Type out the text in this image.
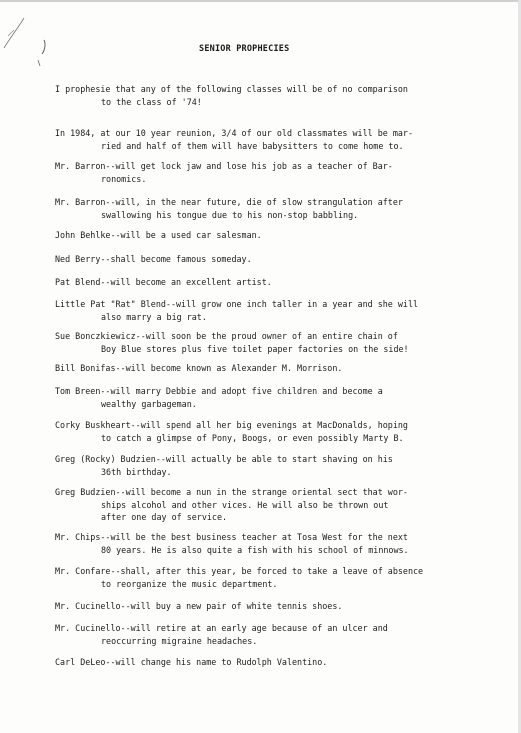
SENIOR PROPHECIES
I prophesie that any of the following classes will be of no comparison
to the class of '74!
In 1984, at our 10 year reunion, 3/4 of our old classmates will be mar-
ried and half of them will have babysitters to come home to.
Mr. Barron--will get lock jaw and lose his job as a teacher of Bar-
ronomics.
Mr. Barron--will, in the near future, die of slow strangulation after
swallowing his tongue due to his non-stop babbling.
John Behlke--will be a used car salesman.
Ned Berry--shall become famous someday.
Pat Blend--will become an excellent artist.
Little Pat "Rat" Blend--will grow one inch taller in a year and she will
also marry a big rat.
Sue Bonczkiewicz--will soon be the proud owner of an entire chain of
Boy Blue stores plus five toilet paper factories on the side!
Bill Bonifas--will become known as Alexander M. Morrison.
Tom Breen--will marry Debbie and adopt five children and become a
wealthy garbageman.
Corky Buskheart--will spend all her big evenings at MacDonalds, hoping
to catch a glimpse of Pony, Boogs, or even possibly Marty B.
Greg (Rocky) Budzien--will actually be able to start shaving on his
36th birthday.
Greg Budzien--will become a nun in the strange oriental sect that wor-
ships alcohol and other vices. He will also be thrown out
after one day of service.
Mr. Chips--will be the best business teacher at Tosa West for the next
80 years. He is also quite a fish with his school of minnows.
Mr. Confare--shall, after this year, be forced to take a leave of absence
to reorganize the music department.
Mr. Cucinello--will buy a new pair of white tennis shoes.
Mr. Cucinello--will retire at an early age because of an ulcer and
reoccurring migraine headaches.
Carl DeLeo--will change his name to Rudolph Valentino.
